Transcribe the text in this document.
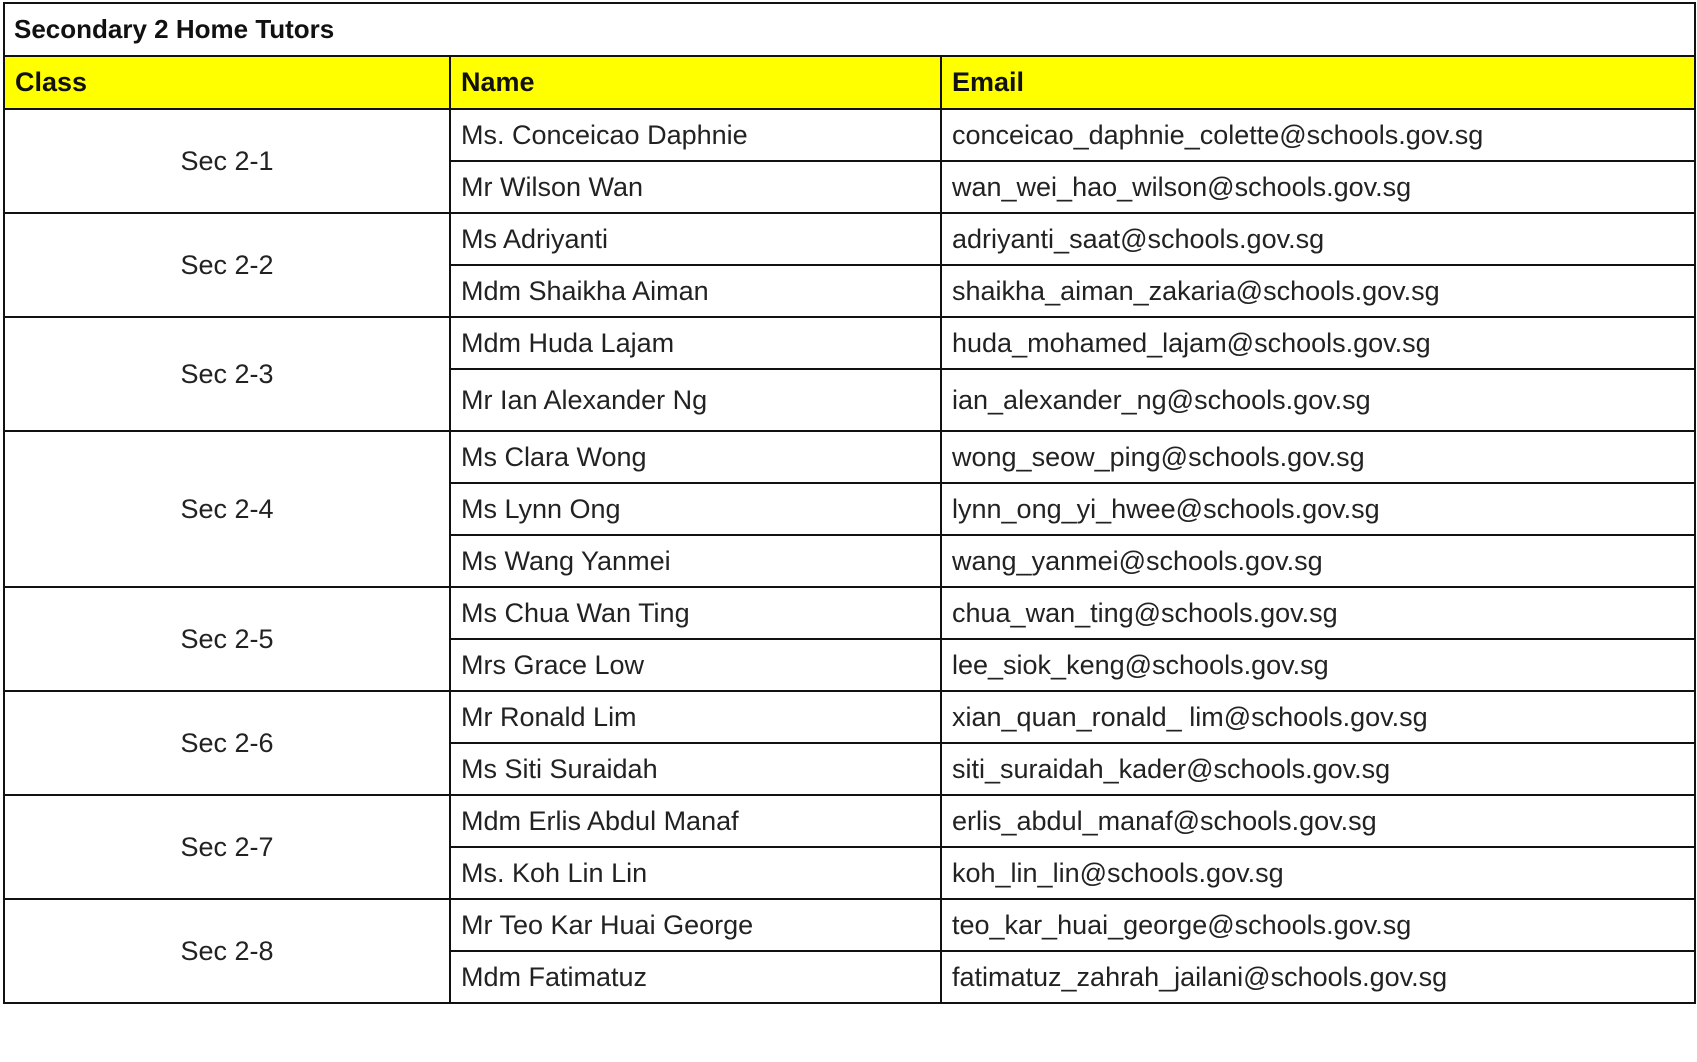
Secondary 2 Home Tutors		
Class	Name	Email
Sec 2-1	Ms. Conceicao Daphnie	conceicao_daphnie_colette@schools.gov.sg
	Mr Wilson Wan	wan_wei_hao_wilson@schools.gov.sg
Sec 2-2	Ms Adriyanti	adriyanti_saat@schools.gov.sg
	Mdm Shaikha Aiman	shaikha_aiman_zakaria@schools.gov.sg
Sec 2-3	Mdm Huda Lajam	huda_mohamed_lajam@schools.gov.sg
	Mr Ian Alexander Ng	ian_alexander_ng@schools.gov.sg
Sec 2-4	Ms Clara Wong	wong_seow_ping@schools.gov.sg
	Ms Lynn Ong	lynn_ong_yi_hwee@schools.gov.sg
	Ms Wang Yanmei	wang_yanmei@schools.gov.sg
Sec 2-5	Ms Chua Wan Ting	chua_wan_ting@schools.gov.sg
	Mrs Grace Low	lee_siok_keng@schools.gov.sg
Sec 2-6	Mr Ronald Lim	xian_quan_ronald_ lim@schools.gov.sg
	Ms Siti Suraidah	siti_suraidah_kader@schools.gov.sg
Sec 2-7	Mdm Erlis Abdul Manaf	erlis_abdul_manaf@schools.gov.sg
	Ms. Koh Lin Lin	koh_lin_lin@schools.gov.sg
Sec 2-8	Mr Teo Kar Huai George	teo_kar_huai_george@schools.gov.sg
	Mdm Fatimatuz	fatimatuz_zahrah_jailani@schools.gov.sg
